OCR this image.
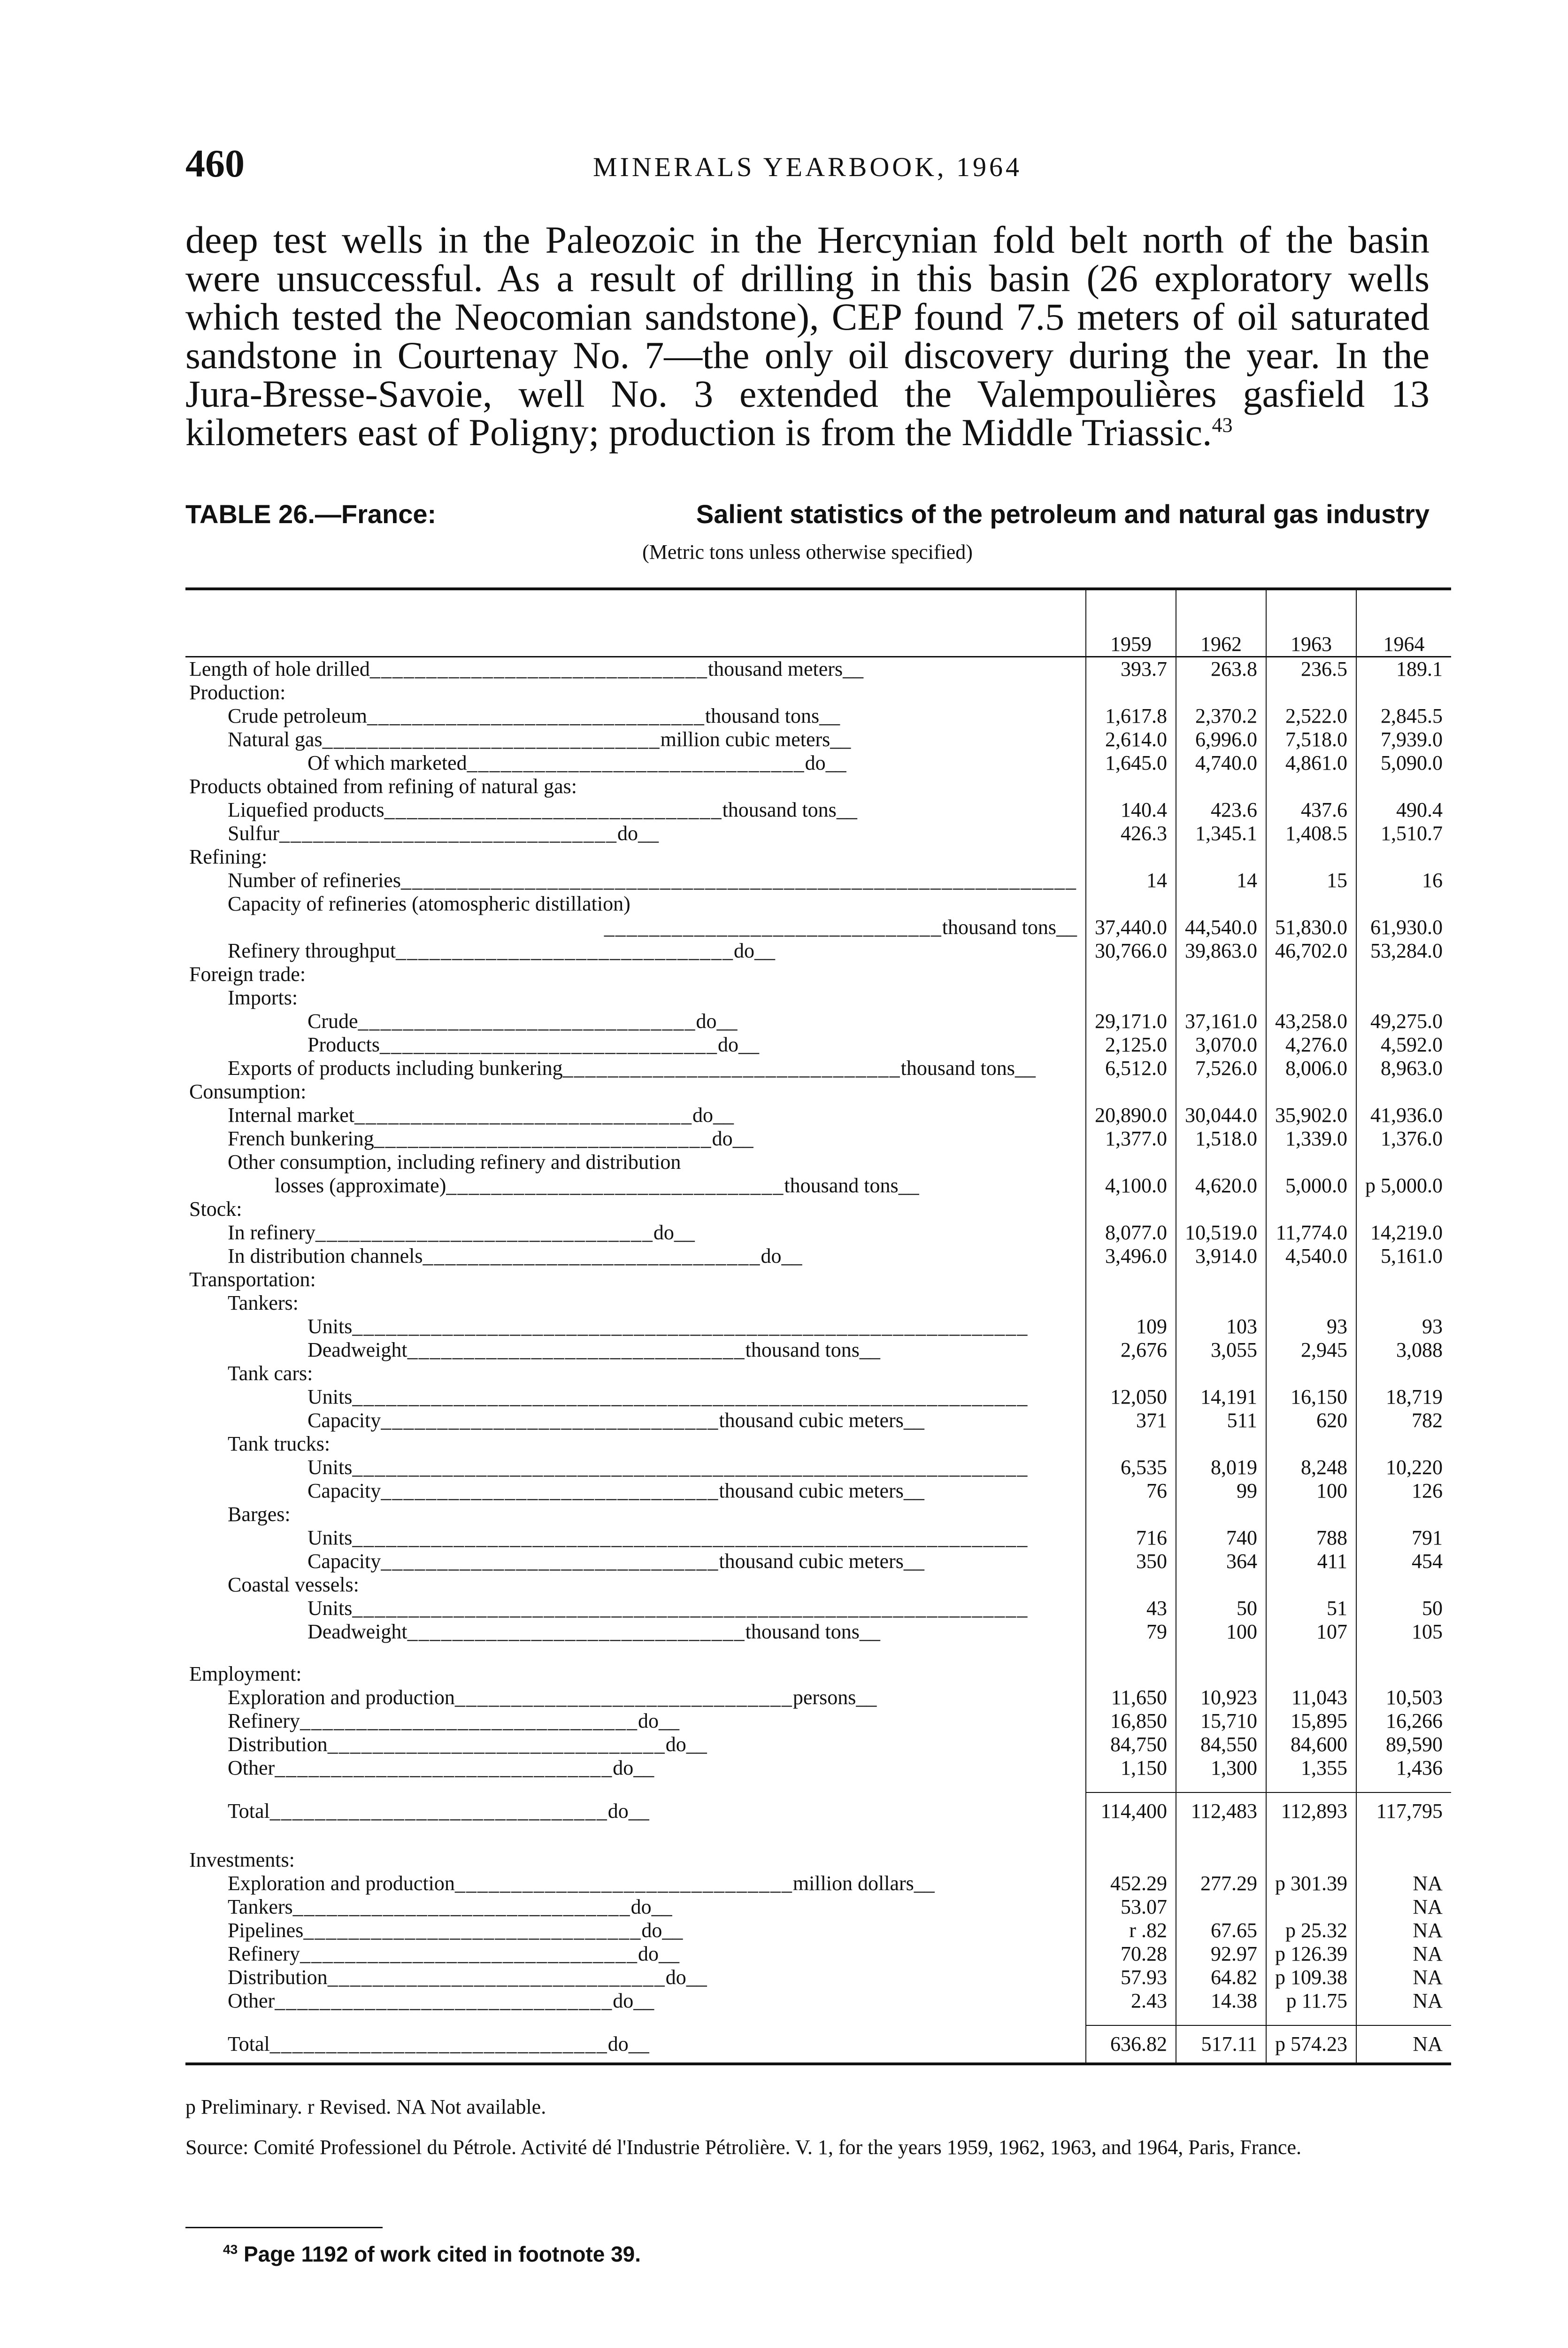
460	MINERALS YEARBOOK, 1964

deep test wells in the Paleozoic in the Hercynian fold belt north of the basin were unsuccessful. As a result of drilling in this basin (26 exploratory wells which tested the Neocomian sandstone), CEP found 7.5 meters of oil saturated sandstone in Courtenay No. 7—the only oil discovery during the year. In the Jura-Bresse-Savoie, well No. 3 extended the Valempoulières gasfield 13 kilometers east of Poligny; production is from the Middle Triassic.$^{43}$

TABLE 26.—France:	Salient statistics of the petroleum and natural gas industry
(Metric tons unless otherwise specified)
	1959	1962	1963	1964
Length of hole drilled______________________________thousand meters__	393.7	263.8	236.5	189.1
Production:				
Crude petroleum______________________________thousand tons__	1,617.8	2,370.2	2,522.0	2,845.5
Natural gas______________________________million cubic meters__	2,614.0	6,996.0	7,518.0	7,939.0
Of which marketed______________________________do__	1,645.0	4,740.0	4,861.0	5,090.0
Products obtained from refining of natural gas:				
Liquefied products______________________________thousand tons__	140.4	423.6	437.6	490.4
Sulfur______________________________do__	426.3	1,345.1	1,408.5	1,510.7
Refining:				
Number of refineries____________________________________________________________	14	14	15	16
Capacity of refineries (atomospheric distillation)				
______________________________thousand tons__	37,440.0	44,540.0	51,830.0	61,930.0
Refinery throughput______________________________do__	30,766.0	39,863.0	46,702.0	53,284.0
Foreign trade:				
Imports:				
Crude______________________________do__	29,171.0	37,161.0	43,258.0	49,275.0
Products______________________________do__	2,125.0	3,070.0	4,276.0	4,592.0
Exports of products including bunkering______________________________thousand tons__	6,512.0	7,526.0	8,006.0	8,963.0
Consumption:				
Internal market______________________________do__	20,890.0	30,044.0	35,902.0	41,936.0
French bunkering______________________________do__	1,377.0	1,518.0	1,339.0	1,376.0
Other consumption, including refinery and distribution				
losses (approximate)______________________________thousand tons__	4,100.0	4,620.0	5,000.0	p 5,000.0
Stock:				
In refinery______________________________do__	8,077.0	10,519.0	11,774.0	14,219.0
In distribution channels______________________________do__	3,496.0	3,914.0	4,540.0	5,161.0
Transportation:				
Tankers:				
Units____________________________________________________________	109	103	93	93
Deadweight______________________________thousand tons__	2,676	3,055	2,945	3,088
Tank cars:				
Units____________________________________________________________	12,050	14,191	16,150	18,719
Capacity______________________________thousand cubic meters__	371	511	620	782
Tank trucks:				
Units____________________________________________________________	6,535	8,019	8,248	10,220
Capacity______________________________thousand cubic meters__	76	99	100	126
Barges:				
Units____________________________________________________________	716	740	788	791
Capacity______________________________thousand cubic meters__	350	364	411	454
Coastal vessels:				
Units____________________________________________________________	43	50	51	50
Deadweight______________________________thousand tons__	79	100	107	105

Employment:				
Exploration and production______________________________persons__	11,650	10,923	11,043	10,503
Refinery______________________________do__	16,850	15,710	15,895	16,266
Distribution______________________________do__	84,750	84,550	84,600	89,590
Other______________________________do__	1,150	1,300	1,355	1,436

Total______________________________do__	114,400	112,483	112,893	117,795

Investments:				
Exploration and production______________________________million dollars__	452.29	277.29	p 301.39	NA
Tankers______________________________do__	53.07			NA
Pipelines______________________________do__	r .82	67.65	p 25.32	NA
Refinery______________________________do__	70.28	92.97	p 126.39	NA
Distribution______________________________do__	57.93	64.82	p 109.38	NA
Other______________________________do__	2.43	14.38	p 11.75	NA

Total______________________________do__	636.82	517.11	p 574.23	NA
p Preliminary. r Revised. NA Not available.
Source: Comité Professionel du Pétrole. Activité dé l'Industrie Pétrolière. V. 1, for the years 1959, 1962, 1963, and 1964, Paris, France.
$^{43}$ Page 1192 of work cited in footnote 39.
